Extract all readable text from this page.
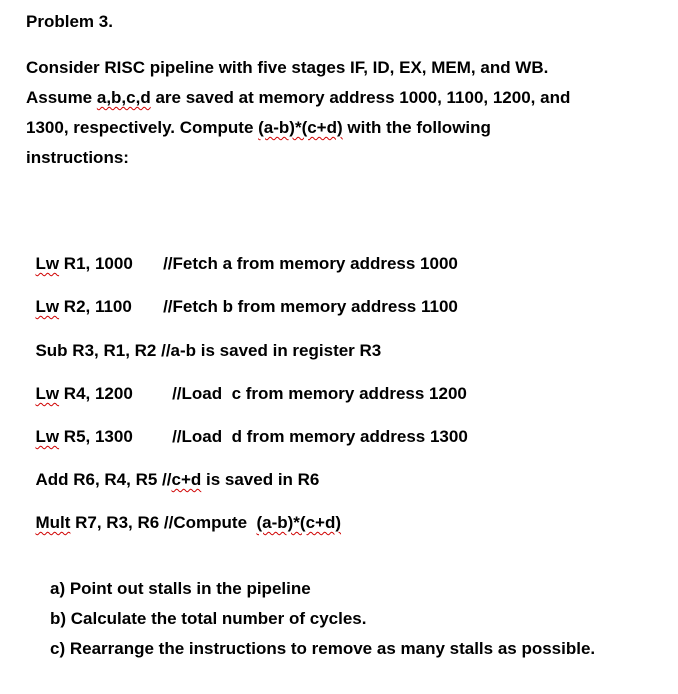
Problem 3.
Consider RISC pipeline with five stages IF, ID, EX, MEM, and WB.
Assume a,b,c,d are saved at memory address 1000, 1100, 1200, and
1300, respectively. Compute (a-b)*(c+d) with the following
instructions:

Lw R1, 1000 //Fetch a from memory address 1000

Lw R2, 1100 //Fetch b from memory address 1100

Sub R3, R1, R2 //a-b is saved in register R3

Lw R4, 1200 //Load  c from memory address 1200

Lw R5, 1300 //Load  d from memory address 1300

Add R6, R4, R5 //c+d is saved in R6

Mult R7, R3, R6 //Compute  (a-b)*(c+d)

a) Point out stalls in the pipeline
b) Calculate the total number of cycles.
c) Rearrange the instructions to remove as many stalls as possible.
